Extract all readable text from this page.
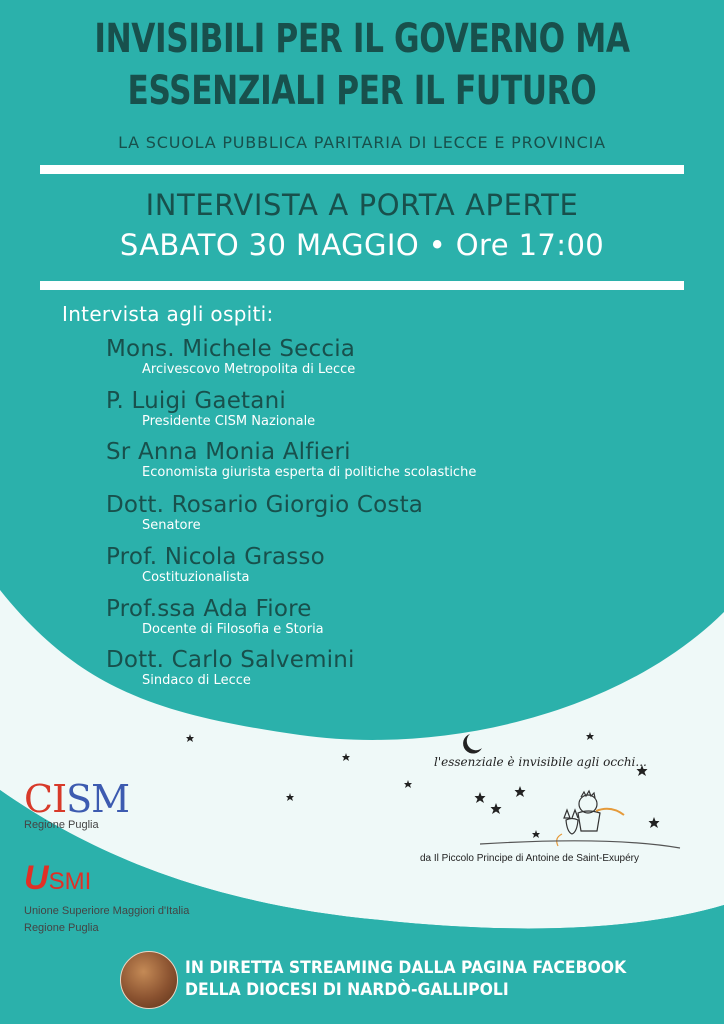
INVISIBILI PER IL GOVERNO MA
ESSENZIALI PER IL FUTURO
LA SCUOLA PUBBLICA PARITARIA DI LECCE E PROVINCIA
INTERVISTA A PORTA APERTE
SABATO 30 MAGGIO • Ore 17:00
Intervista agli ospiti:
Mons. Michele Seccia
Arcivescovo Metropolita di Lecce
P. Luigi Gaetani
Presidente CISM Nazionale
Sr Anna Monia Alfieri
Economista giurista esperta di politiche scolastiche
Dott. Rosario Giorgio Costa
Senatore
Prof. Nicola Grasso
Costituzionalista
Prof.ssa Ada Fiore
Docente di Filosofia e Storia
Dott. Carlo Salvemini
Sindaco di Lecce
CISM
Regione Puglia
USMI
Unione Superiore Maggiori d'Italia
Regione Puglia
l'essenziale è invisibile agli occhi...
da Il Piccolo Principe di Antoine de Saint-Exupéry
IN DIRETTA STREAMING DALLA PAGINA FACEBOOK
DELLA DIOCESI DI NARDÒ-GALLIPOLI
